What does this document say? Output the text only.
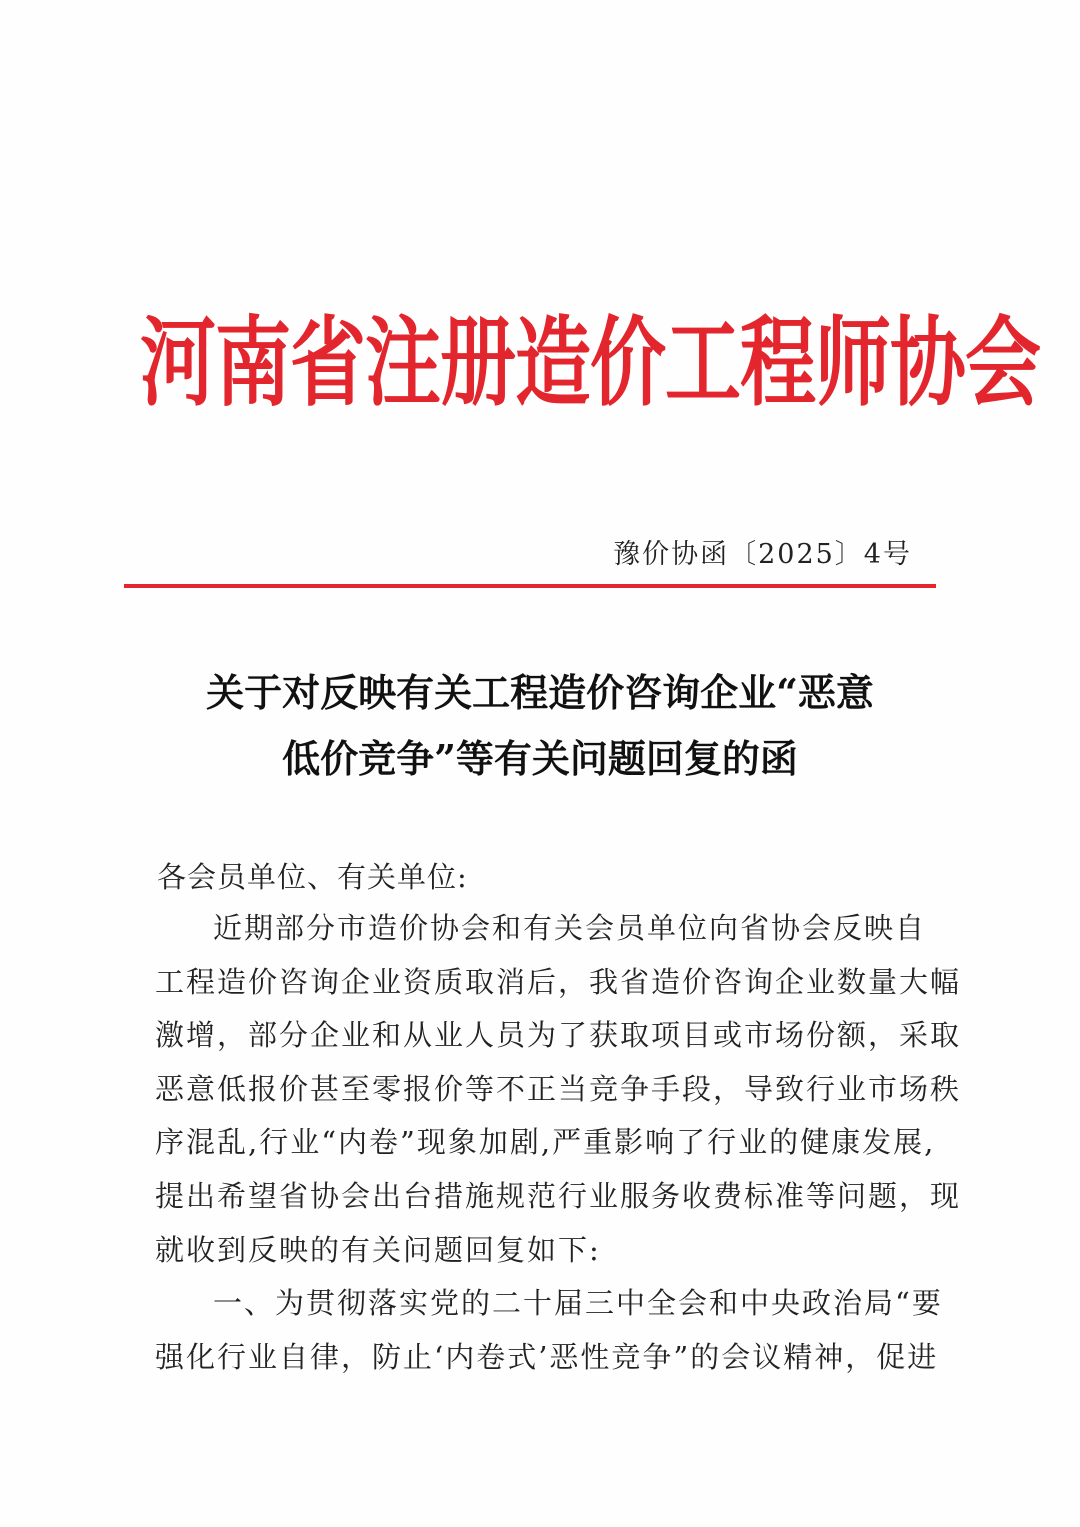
河南省注册造价工程师协会
豫价协函〔2025〕4号
关于对反映有关工程造价咨询企业“恶意
低价竞争”等有关问题回复的函
各会员单位、有关单位:
近期部分市造价协会和有关会员单位向省协会反映自
工程造价咨询企业资质取消后，我省造价咨询企业数量大幅
激增，部分企业和从业人员为了获取项目或市场份额，采取
恶意低报价甚至零报价等不正当竞争手段，导致行业市场秩
序混乱,行业“内卷”现象加剧,严重影响了行业的健康发展,
提出希望省协会出台措施规范行业服务收费标准等问题，现
就收到反映的有关问题回复如下:
一、为贯彻落实党的二十届三中全会和中央政治局“要
强化行业自律，防止‘内卷式’恶性竞争”的会议精神，促进
